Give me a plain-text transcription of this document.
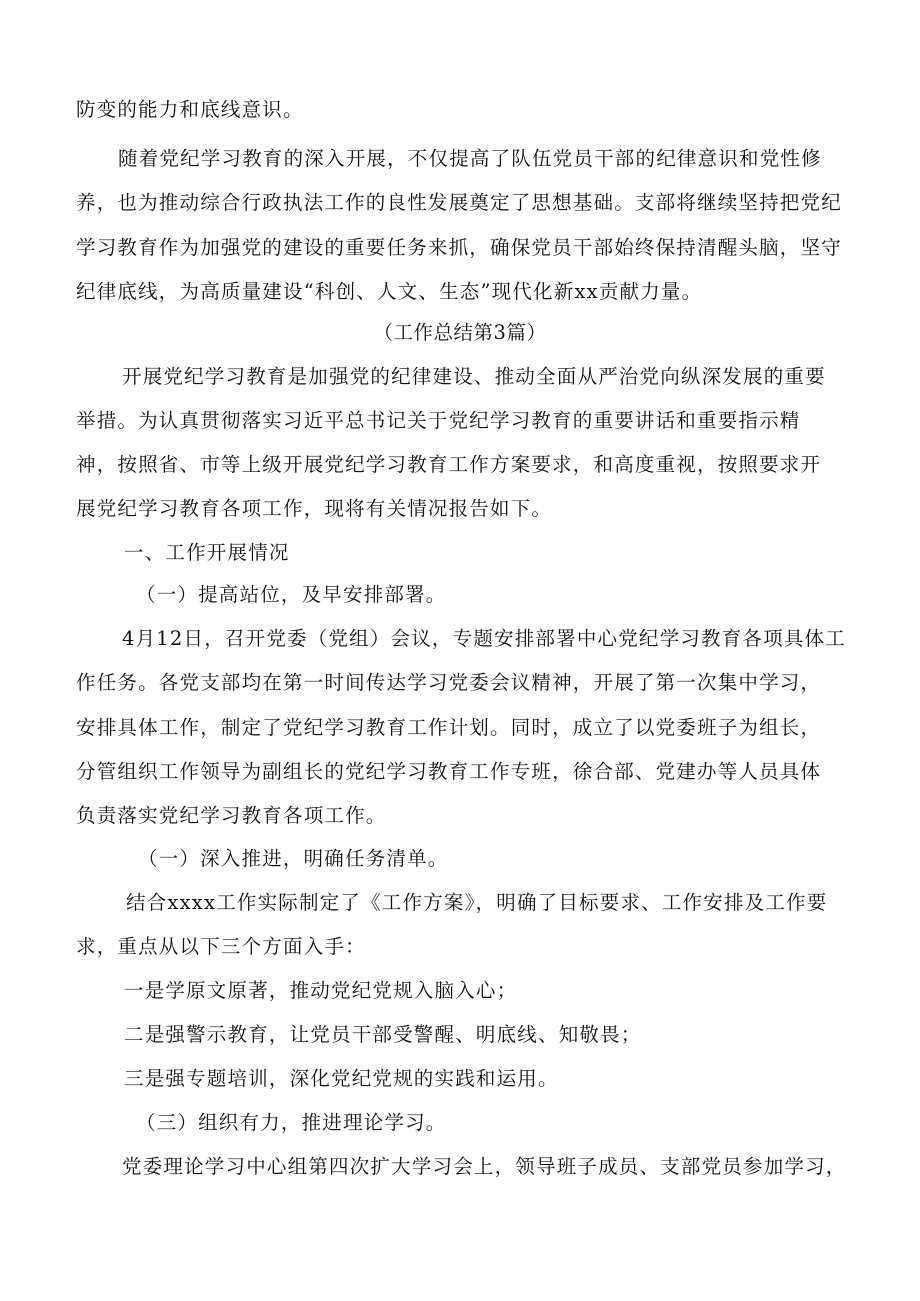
防变的能力和底线意识。
随着党纪学习教育的深入开展，不仅提高了队伍党员干部的纪律意识和党性修
养，也为推动综合行政执法工作的良性发展奠定了思想基础。支部将继续坚持把党纪
学习教育作为加强党的建设的重要任务来抓，确保党员干部始终保持清醒头脑，坚守
纪律底线，为高质量建设“科创、人文、生态”现代化新xx贡献力量。
（工作总结第3篇）
开展党纪学习教育是加强党的纪律建设、推动全面从严治党向纵深发展的重要
举措。为认真贯彻落实习近平总书记关于党纪学习教育的重要讲话和重要指示精
神，按照省、市等上级开展党纪学习教育工作方案要求，和高度重视，按照要求开
展党纪学习教育各项工作，现将有关情况报告如下。
一、工作开展情况
（一）提高站位，及早安排部署。
4月12日，召开党委（党组）会议，专题安排部署中心党纪学习教育各项具体工
作任务。各党支部均在第一时间传达学习党委会议精神，开展了第一次集中学习，
安排具体工作，制定了党纪学习教育工作计划。同时，成立了以党委班子为组长，
分管组织工作领导为副组长的党纪学习教育工作专班，徐合部、党建办等人员具体
负责落实党纪学习教育各项工作。
（一）深入推进，明确任务清单。
结合xxxx工作实际制定了《工作方案》，明确了目标要求、工作安排及工作要
求，重点从以下三个方面入手：
一是学原文原著，推动党纪党规入脑入心；
二是强警示教育，让党员干部受警醒、明底线、知敬畏；
三是强专题培训，深化党纪党规的实践和运用。
（三）组织有力，推进理论学习。
党委理论学习中心组第四次扩大学习会上，领导班子成员、支部党员参加学习，
